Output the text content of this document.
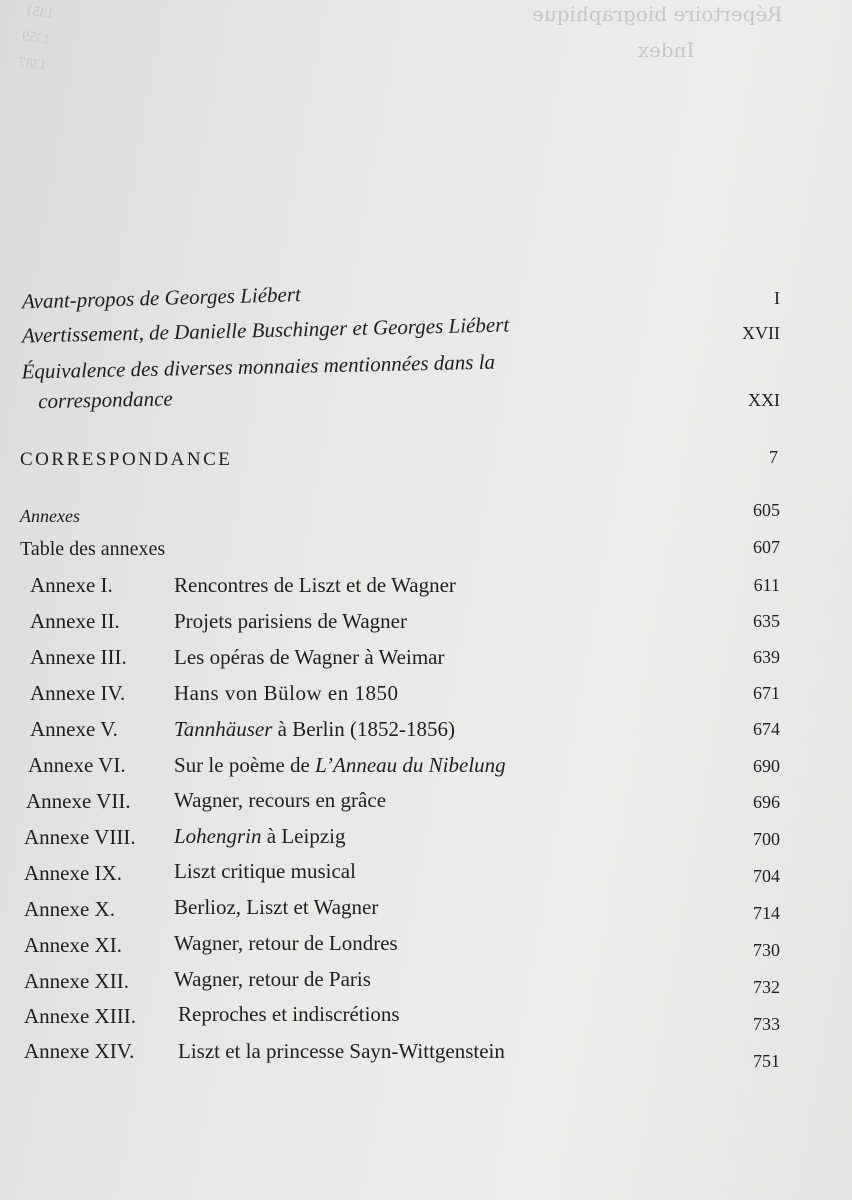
Répertoire biographique
Index
1351
1359
1387
Avant-propos de Georges Liébert	I
Avertissement, de Danielle Buschinger et Georges Liébert	XVII
Équivalence des diverses monnaies mentionnées dans la
correspondance	XXI
CORRESPONDANCE	7
Annexes	605
Table des annexes	607
Annexe I.	Rencontres de Liszt et de Wagner	611
Annexe II.	Projets parisiens de Wagner	635
Annexe III. Les opéras de Wagner à Weimar	639
Annexe IV. Hans von Bülow en 1850	671
Annexe V.	Tannhäuser à Berlin (1852-1856)	674
Annexe VI. Sur le poème de L’Anneau du Nibelung	690
Annexe VII. Wagner, recours en grâce	696
Annexe VIII. Lohengrin à Leipzig	700
Annexe IX. Liszt critique musical	704
Annexe X.	Berlioz, Liszt et Wagner	714
Annexe XI. Wagner, retour de Londres	730
Annexe XII. Wagner, retour de Paris	732
Annexe XIII. Reproches et indiscrétions	733
Annexe XIV. Liszt et la princesse Sayn-Wittgenstein	751
